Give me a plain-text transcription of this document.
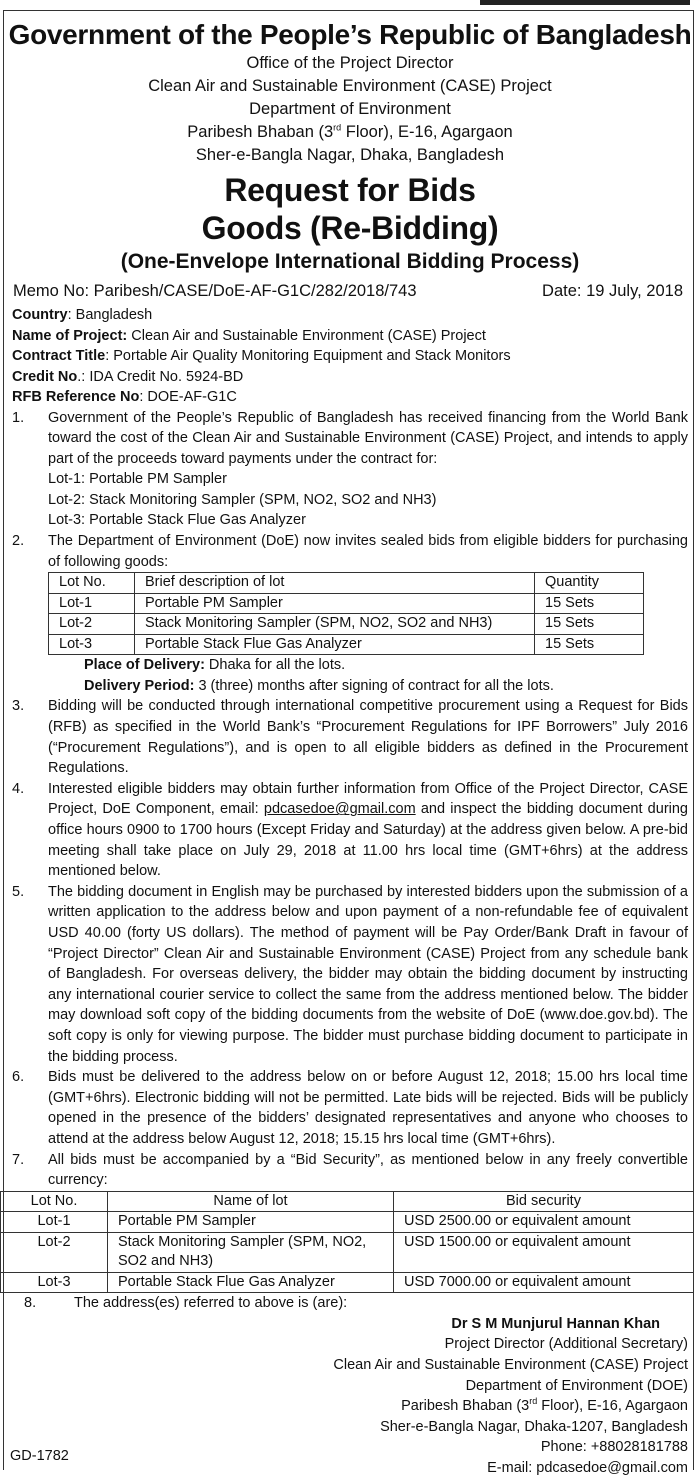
Government of the People’s Republic of Bangladesh
Office of the Project Director
Clean Air and Sustainable Environment (CASE) Project
Department of Environment
Paribesh Bhaban (3rd Floor), E-16, Agargaon
Sher-e-Bangla Nagar, Dhaka, Bangladesh
Request for Bids
Goods (Re-Bidding)
(One-Envelope International Bidding Process)
Memo No: Paribesh/CASE/DoE-AF-G1C/282/2018/743	Date: 19 July, 2018
Country: Bangladesh
Name of Project: Clean Air and Sustainable Environment (CASE) Project
Contract Title: Portable Air Quality Monitoring Equipment and Stack Monitors
Credit No.: IDA Credit No. 5924-BD
RFB Reference No: DOE-AF-G1C
1.	Government of the People’s Republic of Bangladesh has received financing from the World Bank toward the cost of the Clean Air and Sustainable Environment (CASE) Project, and intends to apply part of the proceeds toward payments under the contract for:
Lot-1: Portable PM Sampler
Lot-2: Stack Monitoring Sampler (SPM, NO2, SO2 and NH3)
Lot-3: Portable Stack Flue Gas Analyzer
2.	The Department of Environment (DoE) now invites sealed bids from eligible bidders for purchasing of following goods:
Lot No.	Brief description of lot	Quantity
Lot-1	Portable PM Sampler	15 Sets
Lot-2	Stack Monitoring Sampler (SPM, NO2, SO2 and NH3)	15 Sets
Lot-3	Portable Stack Flue Gas Analyzer	15 Sets
Place of Delivery: Dhaka for all the lots.
Delivery Period: 3 (three) months after signing of contract for all the lots.
3.	Bidding will be conducted through international competitive procurement using a Request for Bids (RFB) as specified in the World Bank’s “Procurement Regulations for IPF Borrowers” July 2016 (“Procurement Regulations”), and is open to all eligible bidders as defined in the Procurement Regulations.
4.	Interested eligible bidders may obtain further information from Office of the Project Director, CASE Project, DoE Component, email: pdcasedoe@gmail.com and inspect the bidding document during office hours 0900 to 1700 hours (Except Friday and Saturday) at the address given below. A pre-bid meeting shall take place on July 29, 2018 at 11.00 hrs local time (GMT+6hrs) at the address mentioned below.
5.	The bidding document in English may be purchased by interested bidders upon the submission of a written application to the address below and upon payment of a non-refundable fee of equivalent USD 40.00 (forty US dollars). The method of payment will be Pay Order/Bank Draft in favour of “Project Director” Clean Air and Sustainable Environment (CASE) Project from any schedule bank of Bangladesh. For overseas delivery, the bidder may obtain the bidding document by instructing any international courier service to collect the same from the address mentioned below. The bidder may download soft copy of the bidding documents from the website of DoE (www.doe.gov.bd). The soft copy is only for viewing purpose. The bidder must purchase bidding document to participate in the bidding process.
6.	Bids must be delivered to the address below on or before August 12, 2018; 15.00 hrs local time (GMT+6hrs). Electronic bidding will not be permitted. Late bids will be rejected. Bids will be publicly opened in the presence of the bidders’ designated representatives and anyone who chooses to attend at the address below August 12, 2018; 15.15 hrs local time (GMT+6hrs).
7.	All bids must be accompanied by a “Bid Security”, as mentioned below in any freely convertible currency:
Lot No.	Name of lot	Bid security
Lot-1	Portable PM Sampler	USD 2500.00 or equivalent amount
Lot-2	Stack Monitoring Sampler (SPM, NO2, SO2 and NH3)	USD 1500.00 or equivalent amount
Lot-3	Portable Stack Flue Gas Analyzer	USD 7000.00 or equivalent amount
8.	The address(es) referred to above is (are):
Dr S M Munjurul Hannan Khan
Project Director (Additional Secretary)
Clean Air and Sustainable Environment (CASE) Project
Department of Environment (DOE)
Paribesh Bhaban (3rd Floor), E-16, Agargaon
Sher-e-Bangla Nagar, Dhaka-1207, Bangladesh
Phone: +88028181788
E-mail: pdcasedoe@gmail.com
GD-1782
